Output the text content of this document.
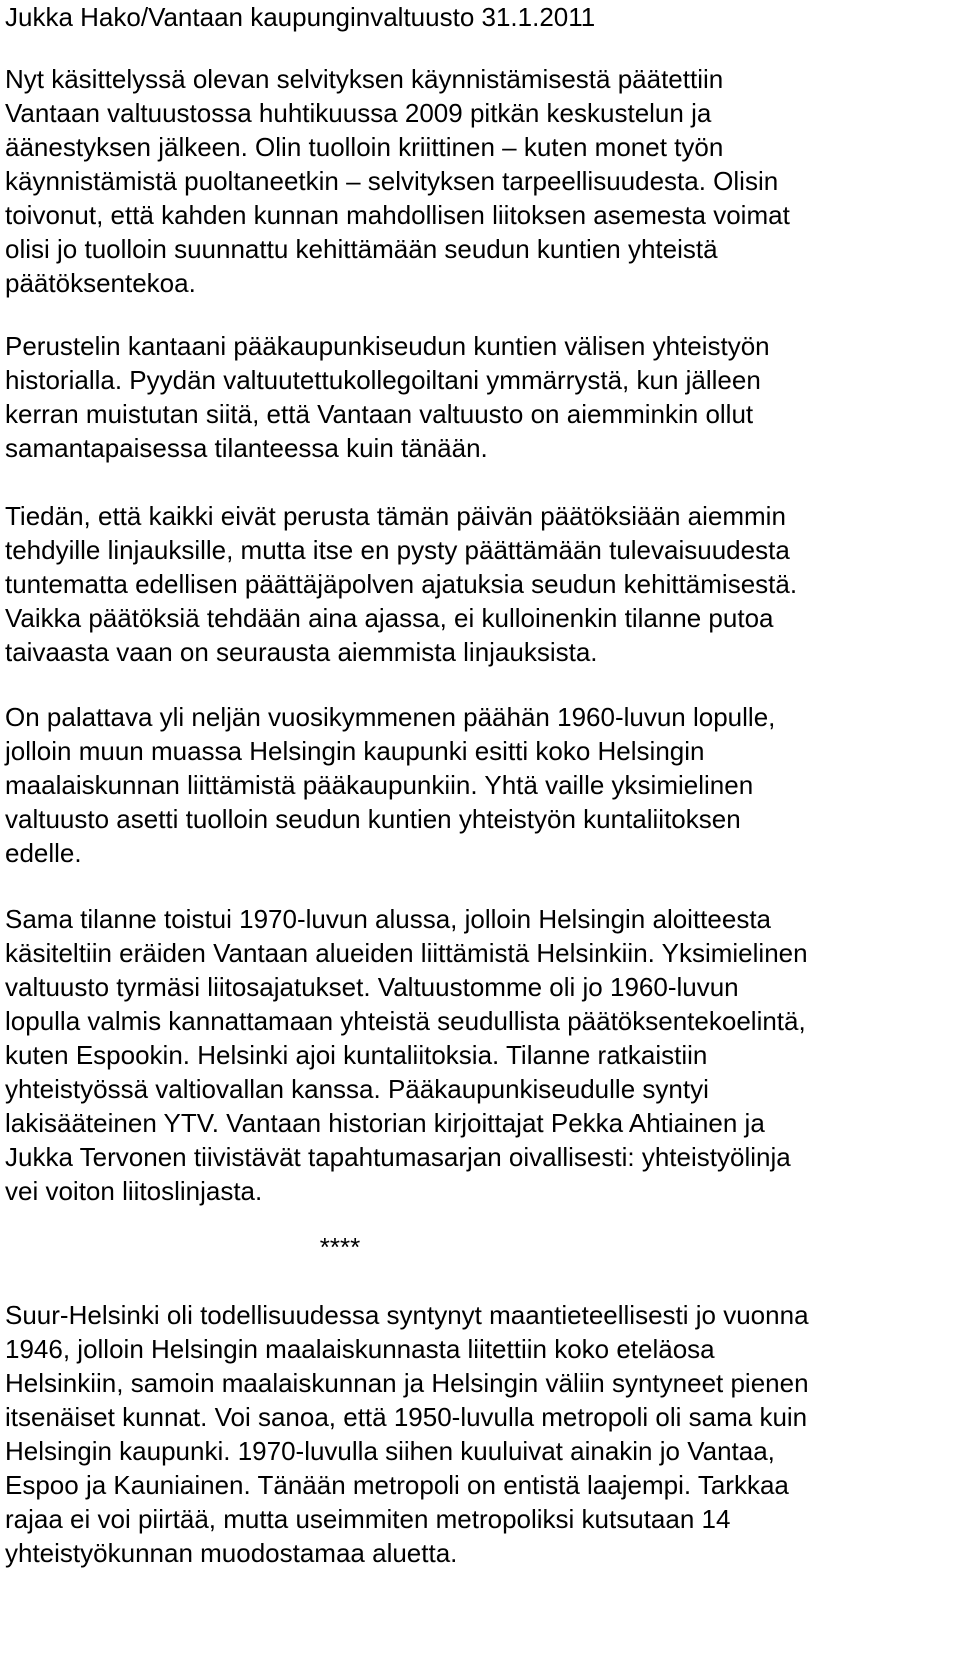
Jukka Hako/Vantaan kaupunginvaltuusto 31.1.2011
Nyt käsittelyssä olevan selvityksen käynnistämisestä päätettiin
Vantaan valtuustossa huhtikuussa 2009 pitkän keskustelun ja
äänestyksen jälkeen. Olin tuolloin kriittinen – kuten monet työn
käynnistämistä puoltaneetkin – selvityksen tarpeellisuudesta. Olisin
toivonut, että kahden kunnan mahdollisen liitoksen asemesta voimat
olisi jo tuolloin suunnattu kehittämään seudun kuntien yhteistä
päätöksentekoa.
Perustelin kantaani pääkaupunkiseudun kuntien välisen yhteistyön
historialla. Pyydän valtuutettukollegoiltani ymmärrystä, kun jälleen
kerran muistutan siitä, että Vantaan valtuusto on aiemminkin ollut
samantapaisessa tilanteessa kuin tänään.
Tiedän, että kaikki eivät perusta tämän päivän päätöksiään aiemmin
tehdyille linjauksille, mutta itse en pysty päättämään tulevaisuudesta
tuntematta edellisen päättäjäpolven ajatuksia seudun kehittämisestä.
Vaikka päätöksiä tehdään aina ajassa, ei kulloinenkin tilanne putoa
taivaasta vaan on seurausta aiemmista linjauksista.
On palattava yli neljän vuosikymmenen päähän 1960-luvun lopulle,
jolloin muun muassa Helsingin kaupunki esitti koko Helsingin
maalaiskunnan liittämistä pääkaupunkiin. Yhtä vaille yksimielinen
valtuusto asetti tuolloin seudun kuntien yhteistyön kuntaliitoksen
edelle.
Sama tilanne toistui 1970-luvun alussa, jolloin Helsingin aloitteesta
käsiteltiin eräiden Vantaan alueiden liittämistä Helsinkiin. Yksimielinen
valtuusto tyrmäsi liitosajatukset. Valtuustomme oli jo 1960-luvun
lopulla valmis kannattamaan yhteistä seudullista päätöksentekoelintä,
kuten Espookin. Helsinki ajoi kuntaliitoksia. Tilanne ratkaistiin
yhteistyössä valtiovallan kanssa. Pääkaupunkiseudulle syntyi
lakisääteinen YTV. Vantaan historian kirjoittajat Pekka Ahtiainen ja
Jukka Tervonen tiivistävät tapahtumasarjan oivallisesti: yhteistyölinja
vei voiton liitoslinjasta.
****
Suur-Helsinki oli todellisuudessa syntynyt maantieteellisesti jo vuonna
1946, jolloin Helsingin maalaiskunnasta liitettiin koko eteläosa
Helsinkiin, samoin maalaiskunnan ja Helsingin väliin syntyneet pienen
itsenäiset kunnat. Voi sanoa, että 1950-luvulla metropoli oli sama kuin
Helsingin kaupunki. 1970-luvulla siihen kuuluivat ainakin jo Vantaa,
Espoo ja Kauniainen. Tänään metropoli on entistä laajempi. Tarkkaa
rajaa ei voi piirtää, mutta useimmiten metropoliksi kutsutaan 14
yhteistyökunnan muodostamaa aluetta.
